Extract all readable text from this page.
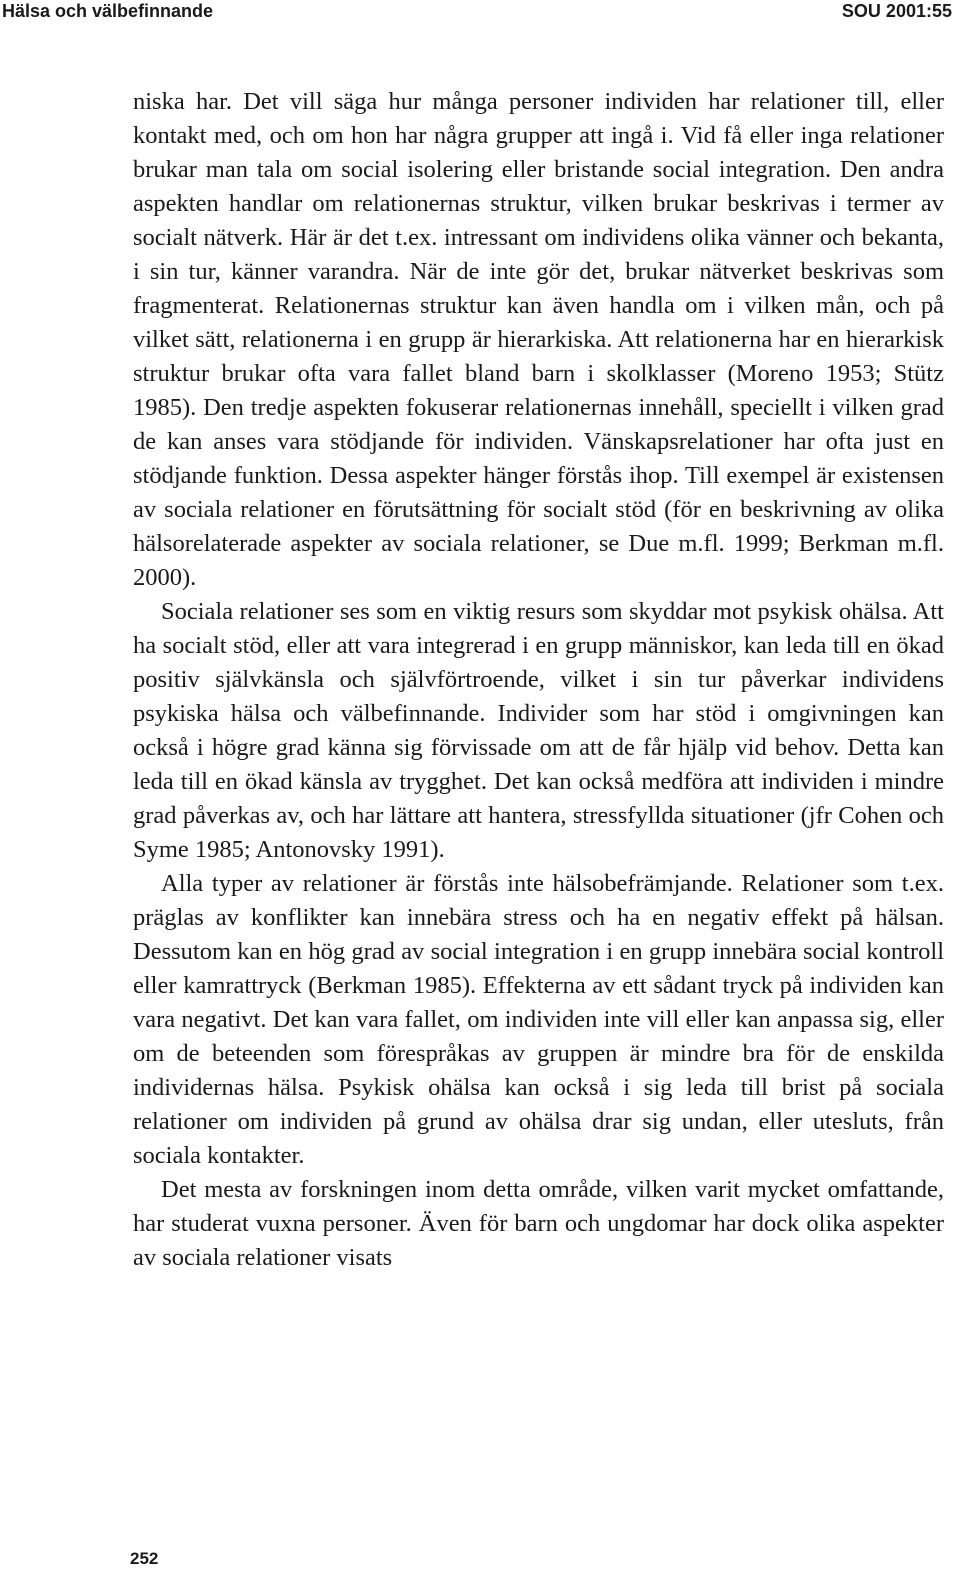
Hälsa och välbefinnande	SOU 2001:55

niska har. Det vill säga hur många personer individen har relationer till, eller kontakt med, och om hon har några grupper att ingå i. Vid få eller inga relationer brukar man tala om social isolering eller bristande social integration. Den andra aspekten handlar om relationernas struktur, vilken brukar beskrivas i termer av socialt nätverk. Här är det t.ex. intressant om individens olika vänner och bekanta, i sin tur, känner varandra. När de inte gör det, brukar nätverket beskrivas som fragmenterat. Relationernas struktur kan även handla om i vilken mån, och på vilket sätt, relationerna i en grupp är hierarkiska. Att relationerna har en hierarkisk struktur brukar ofta vara fallet bland barn i skolklasser (Moreno 1953; Stütz 1985). Den tredje aspekten fokuserar relationernas innehåll, speciellt i vilken grad de kan anses vara stödjande för individen. Vänskapsrelationer har ofta just en stödjande funktion. Dessa aspekter hänger förstås ihop. Till exempel är existensen av sociala relationer en förutsättning för socialt stöd (för en beskrivning av olika hälsorelaterade aspekter av sociala relationer, se Due m.fl. 1999; Berkman m.fl. 2000).

Sociala relationer ses som en viktig resurs som skyddar mot psykisk ohälsa. Att ha socialt stöd, eller att vara integrerad i en grupp människor, kan leda till en ökad positiv självkänsla och självförtroende, vilket i sin tur påverkar individens psykiska hälsa och välbefinnande. Individer som har stöd i omgivningen kan också i högre grad känna sig förvissade om att de får hjälp vid behov. Detta kan leda till en ökad känsla av trygghet. Det kan också medföra att individen i mindre grad påverkas av, och har lättare att hantera, stressfyllda situationer (jfr Cohen och Syme 1985; Antonovsky 1991).

Alla typer av relationer är förstås inte hälsobefrämjande. Relationer som t.ex. präglas av konflikter kan innebära stress och ha en negativ effekt på hälsan. Dessutom kan en hög grad av social integration i en grupp innebära social kontroll eller kamrattryck (Berkman 1985). Effekterna av ett sådant tryck på individen kan vara negativt. Det kan vara fallet, om individen inte vill eller kan anpassa sig, eller om de beteenden som förespråkas av gruppen är mindre bra för de enskilda individernas hälsa. Psykisk ohälsa kan också i sig leda till brist på sociala relationer om individen på grund av ohälsa drar sig undan, eller utesluts, från sociala kontakter.

Det mesta av forskningen inom detta område, vilken varit mycket omfattande, har studerat vuxna personer. Även för barn och ungdomar har dock olika aspekter av sociala relationer visats

252
